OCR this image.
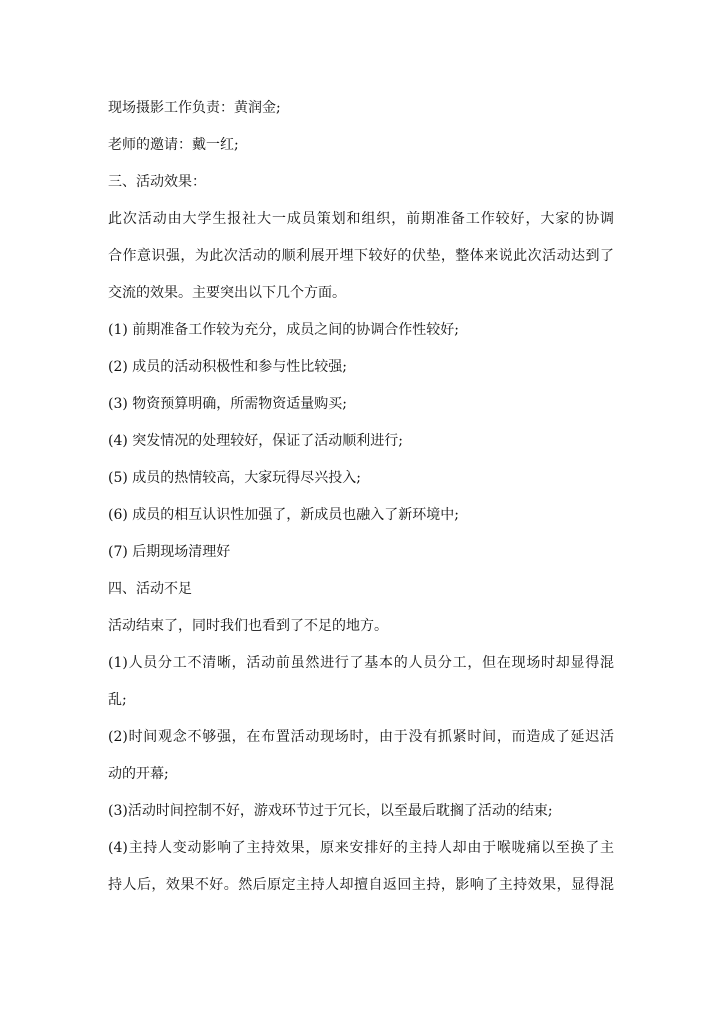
现场摄影工作负责：黄润金;
老师的邀请：戴一红;
三、活动效果：
此次活动由大学生报社大一成员策划和组织，前期准备工作较好，大家的协调
合作意识强，为此次活动的顺利展开埋下较好的伏垫，整体来说此次活动达到了
交流的效果。主要突出以下几个方面。
(1) 前期准备工作较为充分，成员之间的协调合作性较好;
(2) 成员的活动积极性和参与性比较强;
(3) 物资预算明确，所需物资适量购买;
(4) 突发情况的处理较好，保证了活动顺利进行;
(5) 成员的热情较高，大家玩得尽兴投入;
(6) 成员的相互认识性加强了，新成员也融入了新环境中;
(7) 后期现场清理好
四、活动不足
活动结束了，同时我们也看到了不足的地方。
(1)人员分工不清晰，活动前虽然进行了基本的人员分工，但在现场时却显得混
乱;
(2)时间观念不够强，在布置活动现场时，由于没有抓紧时间，而造成了延迟活
动的开幕;
(3)活动时间控制不好，游戏环节过于冗长，以至最后耽搁了活动的结束;
(4)主持人变动影响了主持效果，原来安排好的主持人却由于喉咙痛以至换了主
持人后，效果不好。然后原定主持人却擅自返回主持，影响了主持效果，显得混
